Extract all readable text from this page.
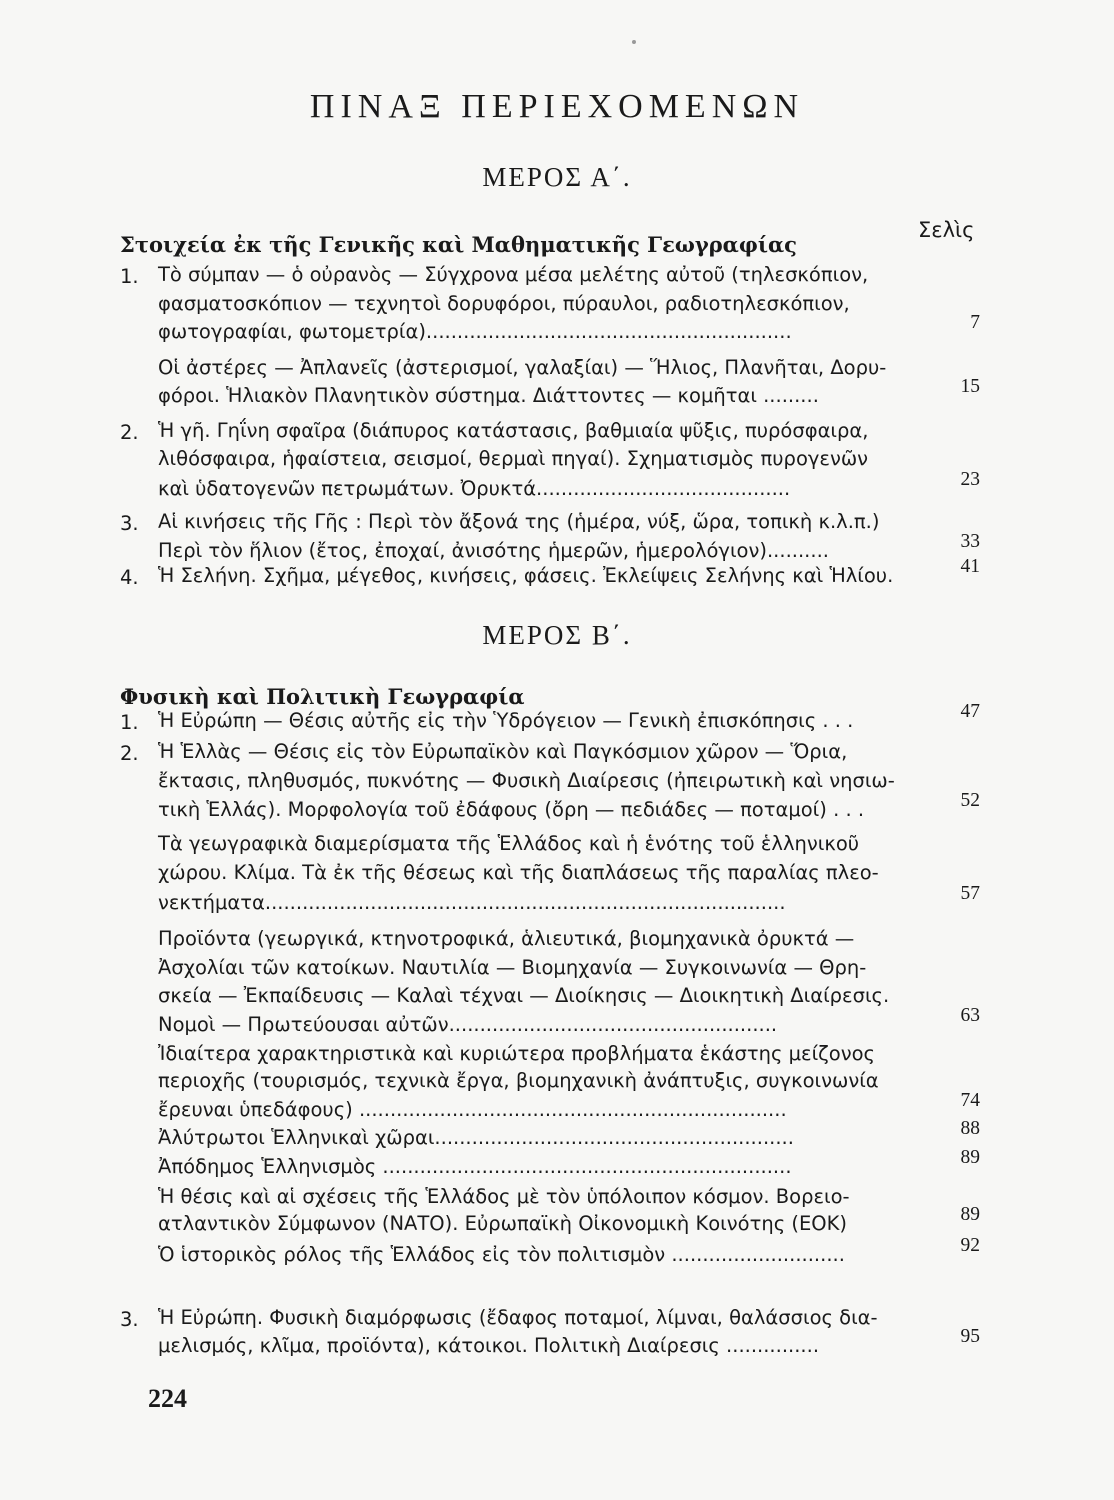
ΠΙΝΑΞ ΠΕΡΙΕΧΟΜΕΝΩΝ
ΜΕΡΟΣ Α΄.
Στοιχεία ἐκ τῆς Γενικῆς καὶ Μαθηματικῆς Γεωγραφίας
Σελὶς
1. Τὸ σύμπαν — ὁ οὐρανὸς — Σύγχρονα μέσα μελέτης αὐτοῦ (τηλεσκόπιον,
φασματοσκόπιον — τεχνητοὶ δορυφόροι, πύραυλοι, ραδιοτηλεσκόπιον,
φωτογραφίαι, φωτομετρία)...........................................................	7
Οἱ ἀστέρες — Ἀπλανεῖς (ἀστερισμοί, γαλαξίαι) — Ἥλιος, Πλανῆται, Δορυ-
φόροι. Ἡλιακὸν Πλανητικὸν σύστημα. Διάττοντες — κομῆται .........	15
2. Ἡ γῆ. Γηΐνη σφαῖρα (διάπυρος κατάστασις, βαθμιαία ψῦξις, πυρόσφαιρα,
λιθόσφαιρα, ἡφαίστεια, σεισμοί, θερμαὶ πηγαί). Σχηματισμὸς πυρογενῶν
καὶ ὑδατογενῶν πετρωμάτων. Ὀρυκτά.........................................	23
3. Αἱ κινήσεις τῆς Γῆς : Περὶ τὸν ἄξονά της (ἡμέρα, νύξ, ὥρα, τοπικὴ κ.λ.π.)
Περὶ τὸν ἥλιον (ἔτος, ἐποχαί, ἀνισότης ἡμερῶν, ἡμερολόγιον)..........	33
4. Ἡ Σελήνη. Σχῆμα, μέγεθος, κινήσεις, φάσεις. Ἐκλείψεις Σελήνης καὶ Ἡλίου.	41
ΜΕΡΟΣ Β΄.
Φυσικὴ καὶ Πολιτικὴ Γεωγραφία
1. Ἡ Εὐρώπη — Θέσις αὐτῆς εἰς τὴν Ὑδρόγειον — Γενικὴ ἐπισκόπησις . . .	47
2. Ἡ Ἑλλὰς — Θέσις εἰς τὸν Εὐρωπαϊκὸν καὶ Παγκόσμιον χῶρον — Ὅρια,
ἔκτασις, πληθυσμός, πυκνότης — Φυσικὴ Διαίρεσις (ἠπειρωτικὴ καὶ νησιω-
τικὴ Ἑλλάς). Μορφολογία τοῦ ἐδάφους (ὄρη — πεδιάδες — ποταμοί) . . .	52
Τὰ γεωγραφικὰ διαμερίσματα τῆς Ἑλλάδος καὶ ἡ ἑνότης τοῦ ἑλληνικοῦ
χώρου. Κλίμα. Τὰ ἐκ τῆς θέσεως καὶ τῆς διαπλάσεως τῆς παραλίας πλεο-
νεκτήματα....................................................................................	57
Προϊόντα (γεωργικά, κτηνοτροφικά, ἁλιευτικά, βιομηχανικὰ ὀρυκτά —
Ἀσχολίαι τῶν κατοίκων. Ναυτιλία — Βιομηχανία — Συγκοινωνία — Θρη-
σκεία — Ἐκπαίδευσις — Καλαὶ τέχναι — Διοίκησις — Διοικητικὴ Διαίρεσις.
Νομοὶ — Πρωτεύουσαι αὐτῶν.....................................................	63
Ἰδιαίτερα χαρακτηριστικὰ καὶ κυριώτερα προβλήματα ἑκάστης μείζονος
περιοχῆς (τουρισμός, τεχνικὰ ἔργα, βιομηχανικὴ ἀνάπτυξις, συγκοινωνία
ἔρευναι ὑπεδάφους) .....................................................................	74
Ἀλύτρωτοι Ἑλληνικαὶ χῶραι..........................................................	88
Ἀπόδημος Ἑλληνισμὸς ..................................................................	89
Ἡ θέσις καὶ αἱ σχέσεις τῆς Ἑλλάδος μὲ τὸν ὑπόλοιπον κόσμον. Βορειο-
ατλαντικὸν Σύμφωνον (ΝΑΤΟ). Εὐρωπαϊκὴ Οἰκονομικὴ Κοινότης (ΕΟΚ)	89
Ὁ ἱστορικὸς ρόλος τῆς Ἑλλάδος εἰς τὸν πολιτισμὸν ............................	92
3. Ἡ Εὐρώπη. Φυσικὴ διαμόρφωσις (ἔδαφος ποταμοί, λίμναι, θαλάσσιος δια-
μελισμός, κλῖμα, προϊόντα), κάτοικοι. Πολιτικὴ Διαίρεσις ...............	95
224
